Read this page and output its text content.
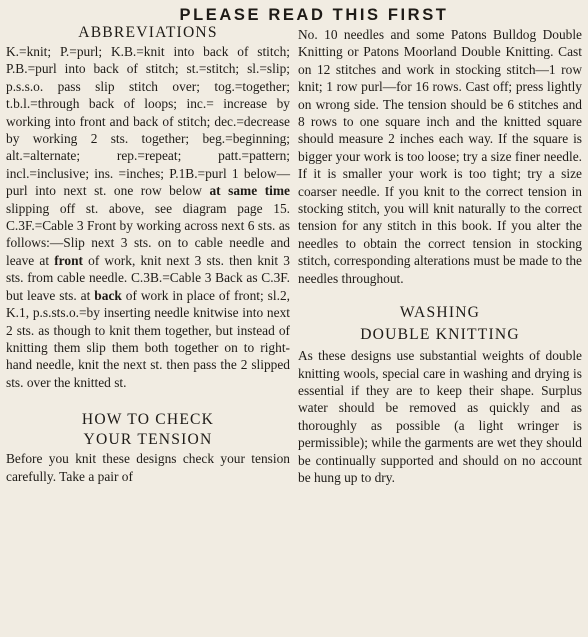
PLEASE READ THIS FIRST
ABBREVIATIONS

K.=knit; P.=purl; K.B.=knit into back of stitch; P.B.=purl into back of stitch; st.=stitch; sl.=slip; p.s.s.o. pass slip stitch over; tog.=together; t.b.l.=through back of loops; inc.= increase by working into front and back of stitch; dec.=decrease by working 2 sts. together; beg.=beginning; alt.=alternate; rep.=repeat; patt.=pattern; incl.=inclusive; ins. =inches; P.1B.=purl 1 below—purl into next st. one row below at same time slipping off st. above, see diagram page 15. C.3F.=Cable 3 Front by working across next 6 sts. as follows:—Slip next 3 sts. on to cable needle and leave at front of work, knit next 3 sts. then knit 3 sts. from cable needle. C.3B.=Cable 3 Back as C.3F. but leave sts. at back of work in place of front; sl.2, K.1, p.s.sts.o.=by inserting needle knitwise into next 2 sts. as though to knit them together, but instead of knitting them slip them both together on to right-hand needle, knit the next st. then pass the 2 slipped sts. over the knitted st.

HOW TO CHECK
YOUR TENSION

Before you knit these designs check your tension carefully. Take a pair of

No. 10 needles and some Patons Bulldog Double Knitting or Patons Moorland Double Knitting. Cast on 12 stitches and work in stocking stitch—1 row knit; 1 row purl—for 16 rows. Cast off; press lightly on wrong side. The tension should be 6 stitches and 8 rows to one square inch and the knitted square should measure 2 inches each way. If the square is bigger your work is too loose; try a size finer needle. If it is smaller your work is too tight; try a size coarser needle. If you knit to the correct tension in stocking stitch, you will knit naturally to the correct tension for any stitch in this book. If you alter the needles to obtain the correct tension in stocking stitch, corresponding alterations must be made to the needles throughout.

WASHING
DOUBLE KNITTING

As these designs use substantial weights of double knitting wools, special care in washing and drying is essential if they are to keep their shape. Surplus water should be removed as quickly and as thoroughly as possible (a light wringer is permissible); while the garments are wet they should be continually supported and should on no account be hung up to dry.
